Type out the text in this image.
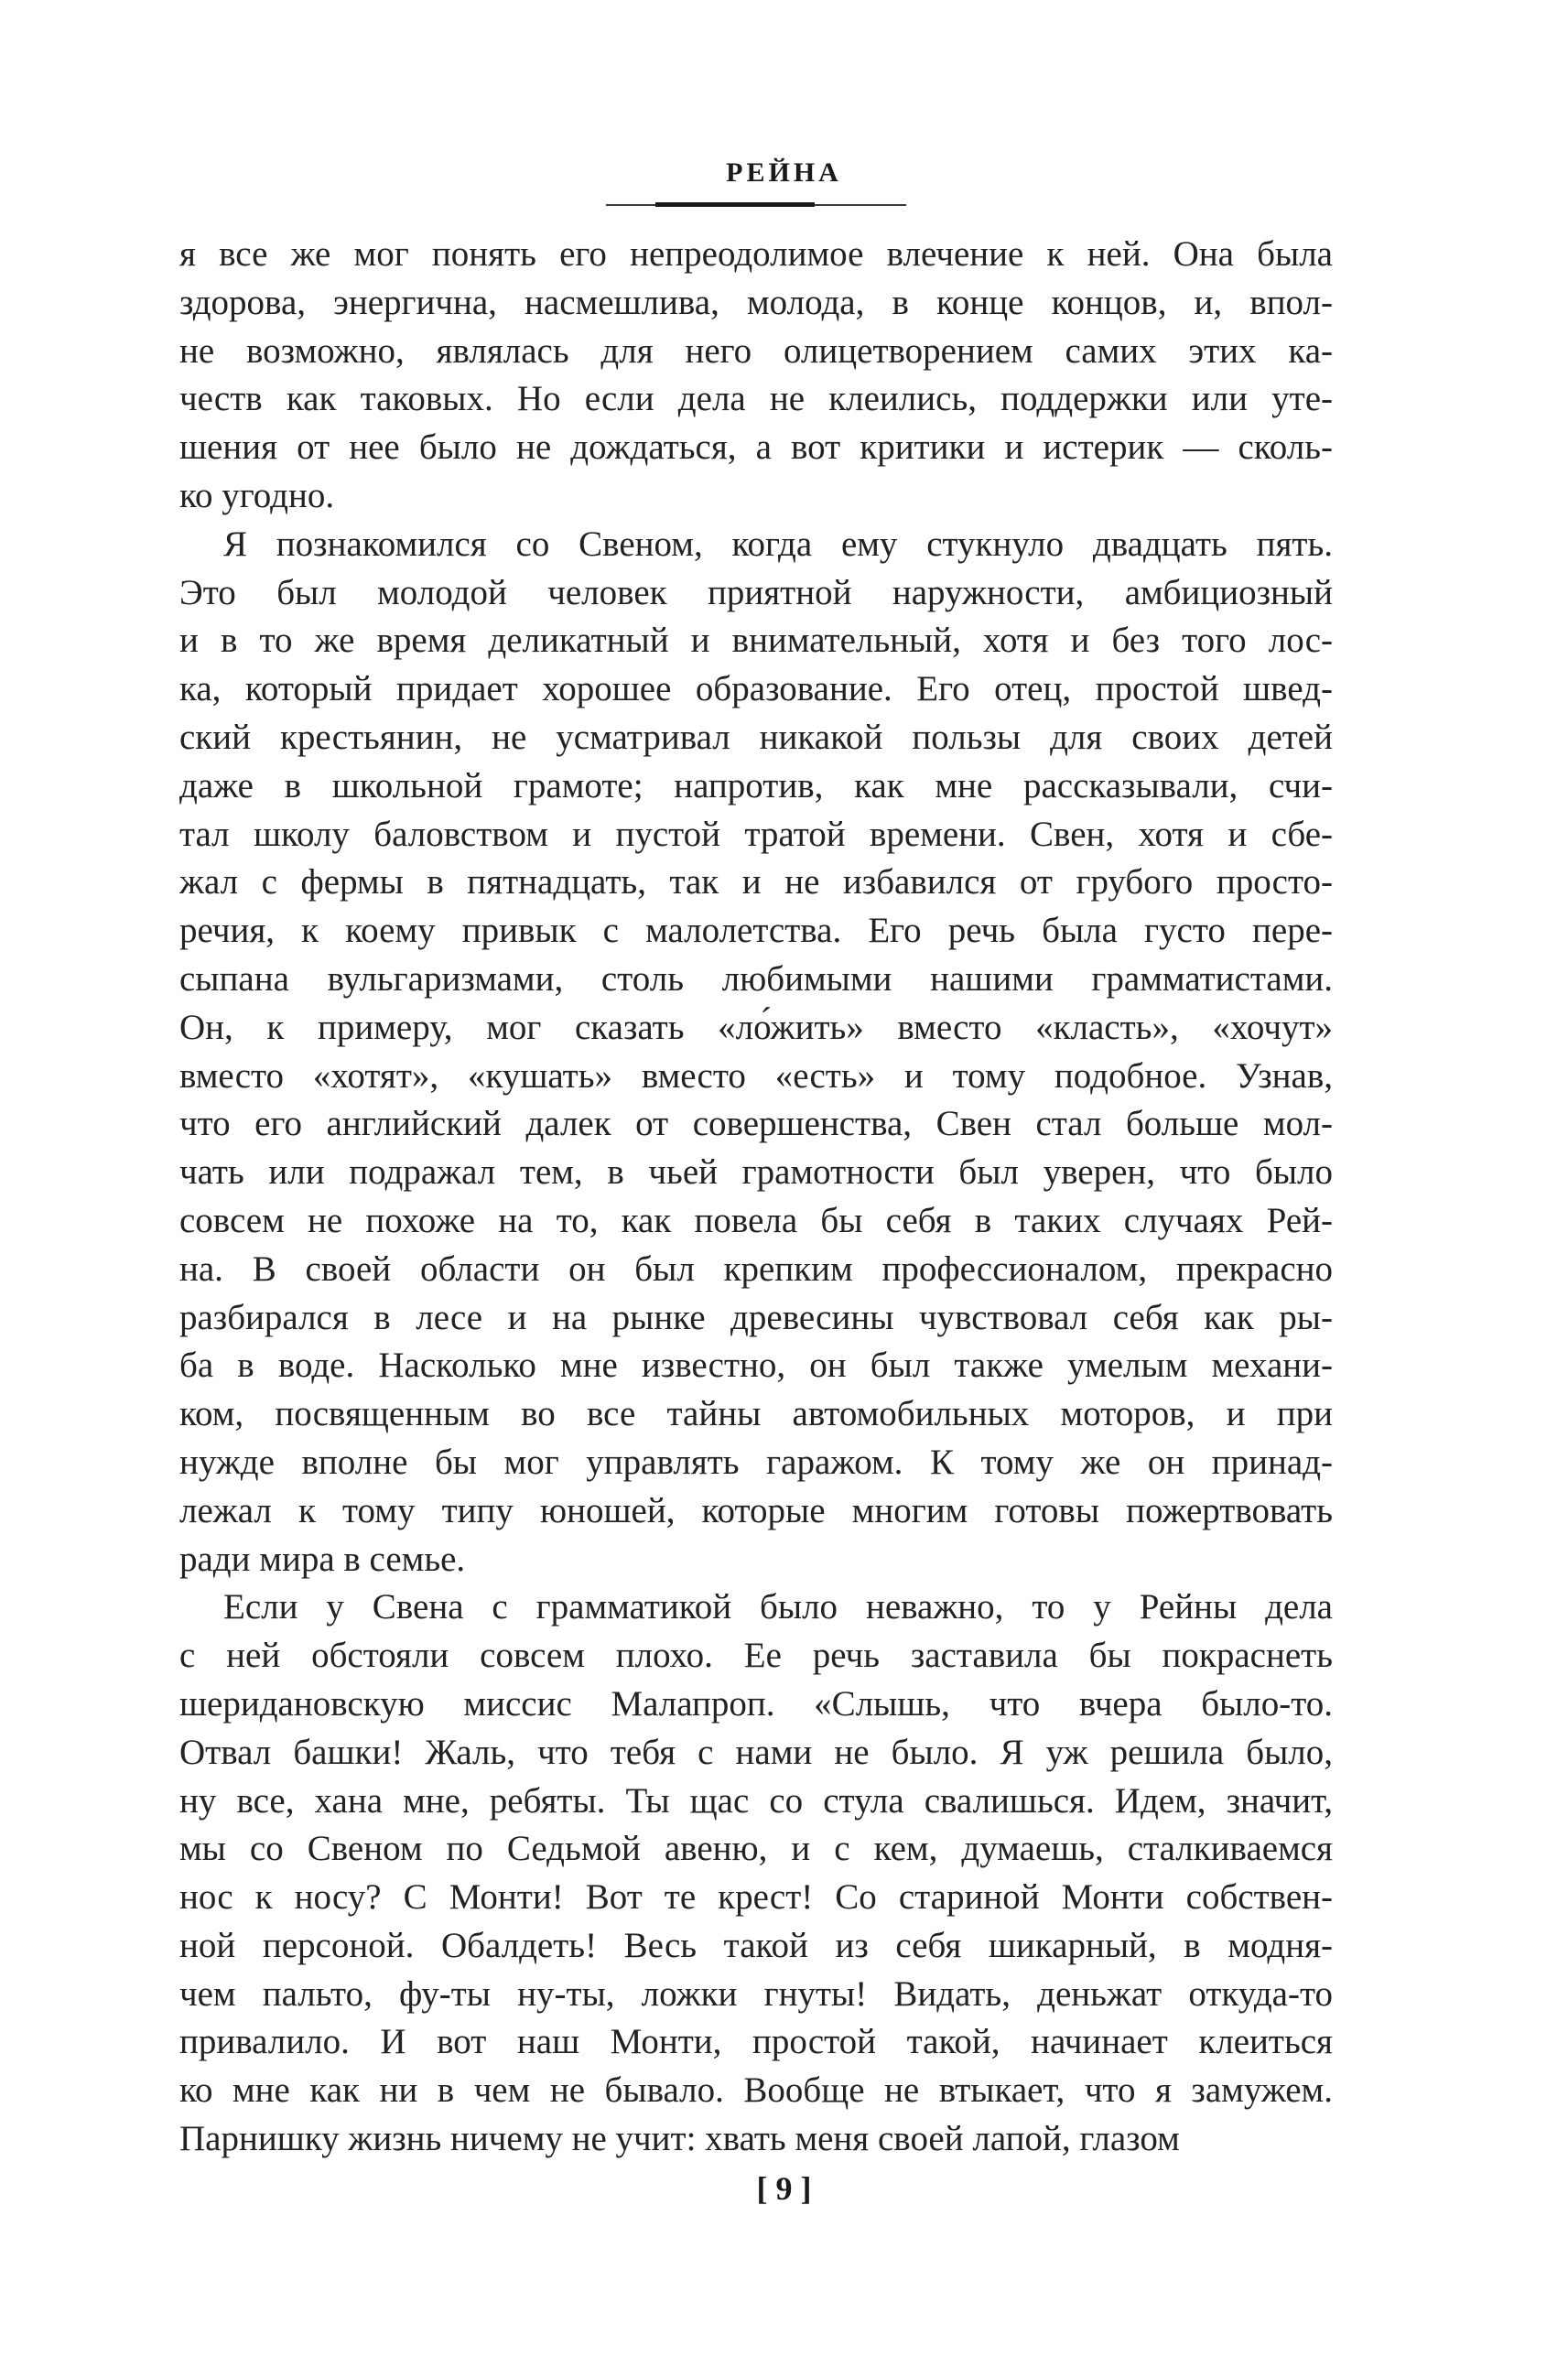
РЕЙНА
я все же мог понять его непреодолимое влечение к ней. Она была
здорова, энергична, насмешлива, молода, в конце концов, и, впол-
не возможно, являлась для него олицетворением самих этих ка-
честв как таковых. Но если дела не клеились, поддержки или уте-
шения от нее было не дождаться, а вот критики и истерик — сколь-
ко угодно.
Я познакомился со Свеном, когда ему стукнуло двадцать пять.
Это был молодой человек приятной наружности, амбициозный
и в то же время деликатный и внимательный, хотя и без того лос-
ка, который придает хорошее образование. Его отец, простой швед-
ский крестьянин, не усматривал никакой пользы для своих детей
даже в школьной грамоте; напротив, как мне рассказывали, счи-
тал школу баловством и пустой тратой времени. Свен, хотя и сбе-
жал с фермы в пятнадцать, так и не избавился от грубого просто-
речия, к коему привык с малолетства. Его речь была густо пере-
сыпана вульгаризмами, столь любимыми нашими грамматистами.
Он, к примеру, мог сказать «ло́жить» вместо «класть», «хочут»
вместо «хотят», «кушать» вместо «есть» и тому подобное. Узнав,
что его английский далек от совершенства, Свен стал больше мол-
чать или подражал тем, в чьей грамотности был уверен, что было
совсем не похоже на то, как повела бы себя в таких случаях Рей-
на. В своей области он был крепким профессионалом, прекрасно
разбирался в лесе и на рынке древесины чувствовал себя как ры-
ба в воде. Насколько мне известно, он был также умелым механи-
ком, посвященным во все тайны автомобильных моторов, и при
нужде вполне бы мог управлять гаражом. К тому же он принад-
лежал к тому типу юношей, которые многим готовы пожертвовать
ради мира в семье.
Если у Свена с грамматикой было неважно, то у Рейны дела
с ней обстояли совсем плохо. Ее речь заставила бы покраснеть
шеридановскую миссис Малапроп. «Слышь, что вчера было-то.
Отвал башки! Жаль, что тебя с нами не было. Я уж решила было,
ну все, хана мне, ребяты. Ты щас со стула свалишься. Идем, значит,
мы со Свеном по Седьмой авеню, и с кем, думаешь, сталкиваемся
нос к носу? С Монти! Вот те крест! Со стариной Монти собствен-
ной персоной. Обалдеть! Весь такой из себя шикарный, в модня-
чем пальто, фу-ты ну-ты, ложки гнуты! Видать, деньжат откуда-то
привалило. И вот наш Монти, простой такой, начинает клеиться
ко мне как ни в чем не бывало. Вообще не втыкает, что я замужем.
Парнишку жизнь ничему не учит: хвать меня своей лапой, глазом
[ 9 ]
